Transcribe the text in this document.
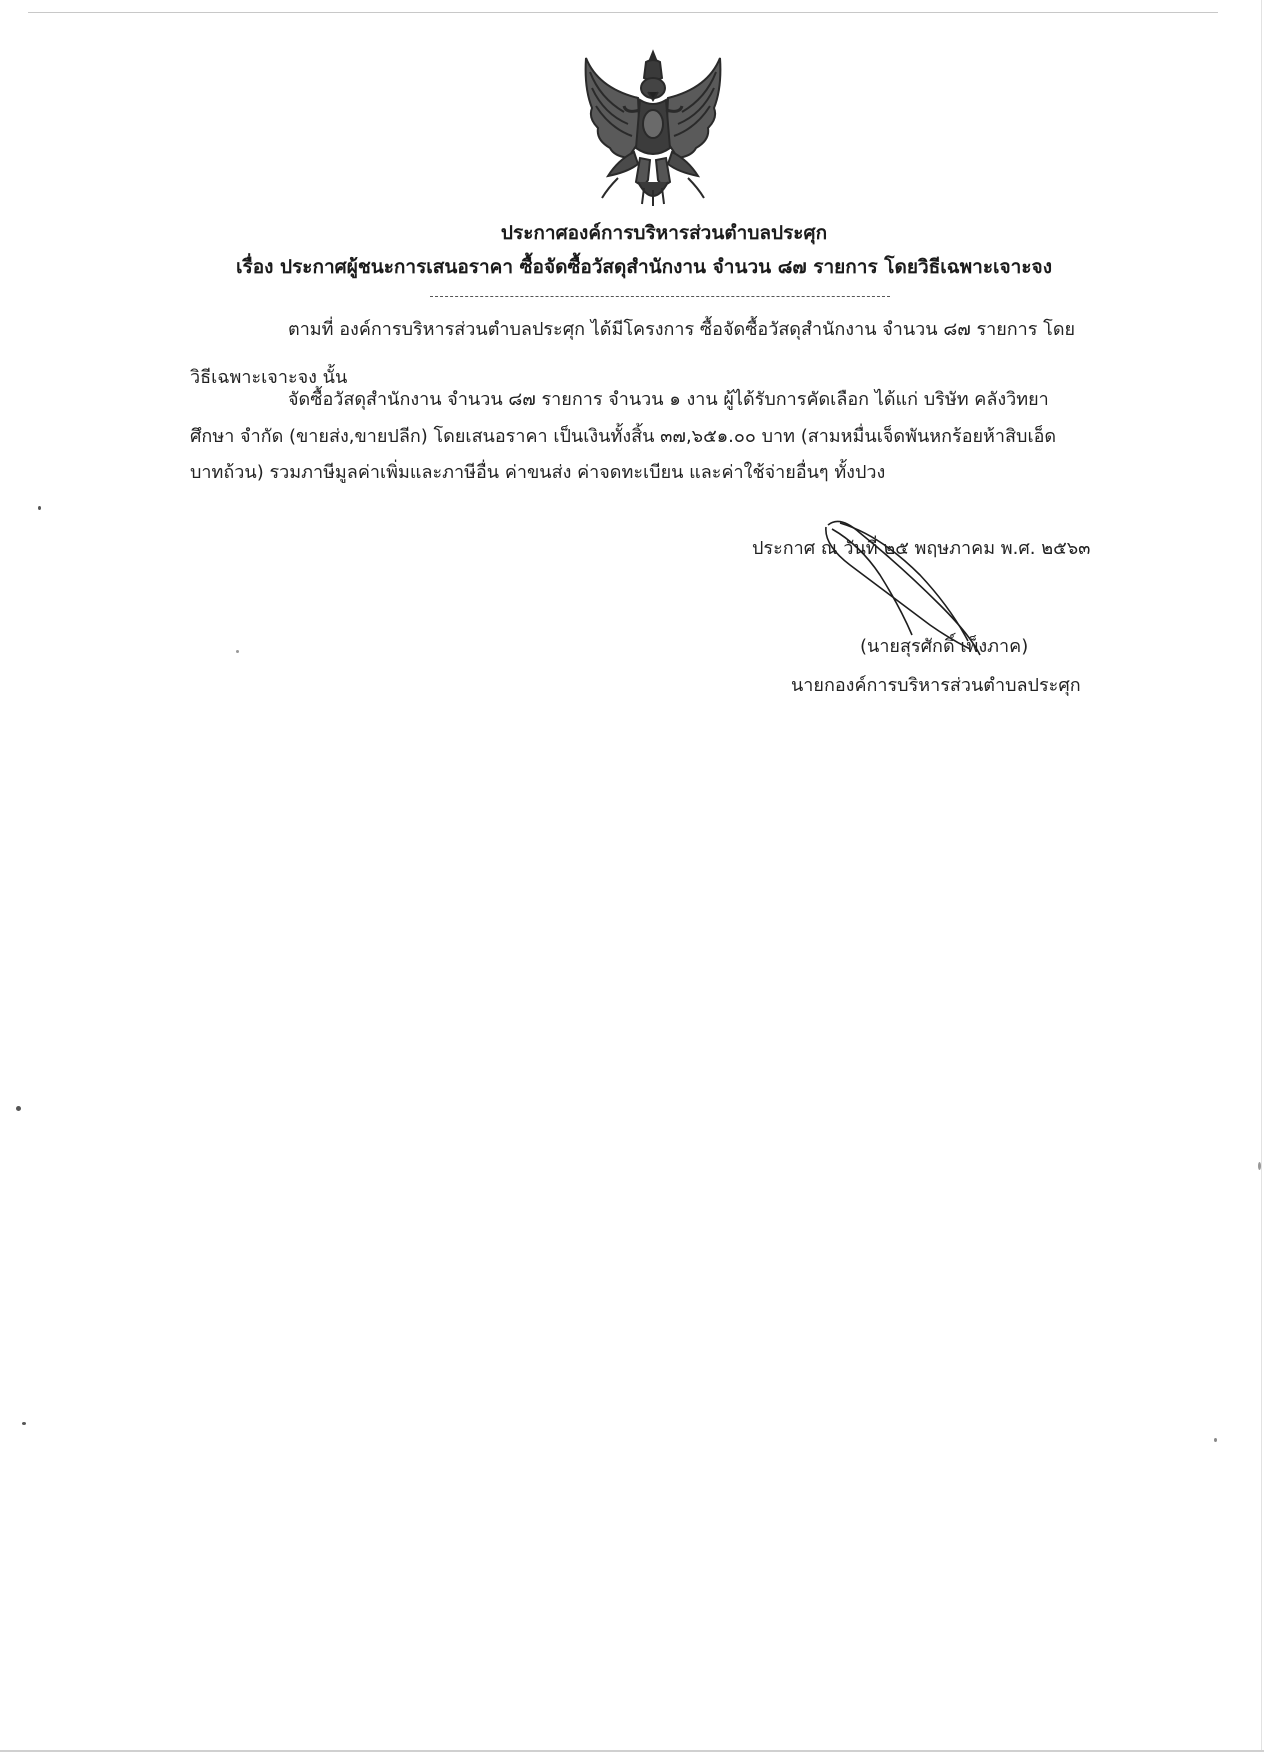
ประกาศองค์การบริหารส่วนตำบลประศุก
เรื่อง ประกาศผู้ชนะการเสนอราคา ซื้อจัดซื้อวัสดุสำนักงาน จำนวน ๘๗ รายการ โดยวิธีเฉพาะเจาะจง
ตามที่ องค์การบริหารส่วนตำบลประศุก ได้มีโครงการ ซื้อจัดซื้อวัสดุสำนักงาน จำนวน ๘๗ รายการ โดย
วิธีเฉพาะเจาะจง นั้น
จัดซื้อวัสดุสำนักงาน จำนวน ๘๗ รายการ จำนวน ๑ งาน ผู้ได้รับการคัดเลือก ได้แก่ บริษัท คลังวิทยา
ศึกษา จำกัด (ขายส่ง,ขายปลีก) โดยเสนอราคา เป็นเงินทั้งสิ้น ๓๗,๖๕๑.๐๐ บาท (สามหมื่นเจ็ดพันหกร้อยห้าสิบเอ็ด
บาทถ้วน) รวมภาษีมูลค่าเพิ่มและภาษีอื่น ค่าขนส่ง ค่าจดทะเบียน และค่าใช้จ่ายอื่นๆ ทั้งปวง
ประกาศ ณ วันที่ ๒๕ พฤษภาคม พ.ศ. ๒๕๖๓
(นายสุรศักดิ์ เพ็งภาค)
นายกองค์การบริหารส่วนตำบลประศุก
